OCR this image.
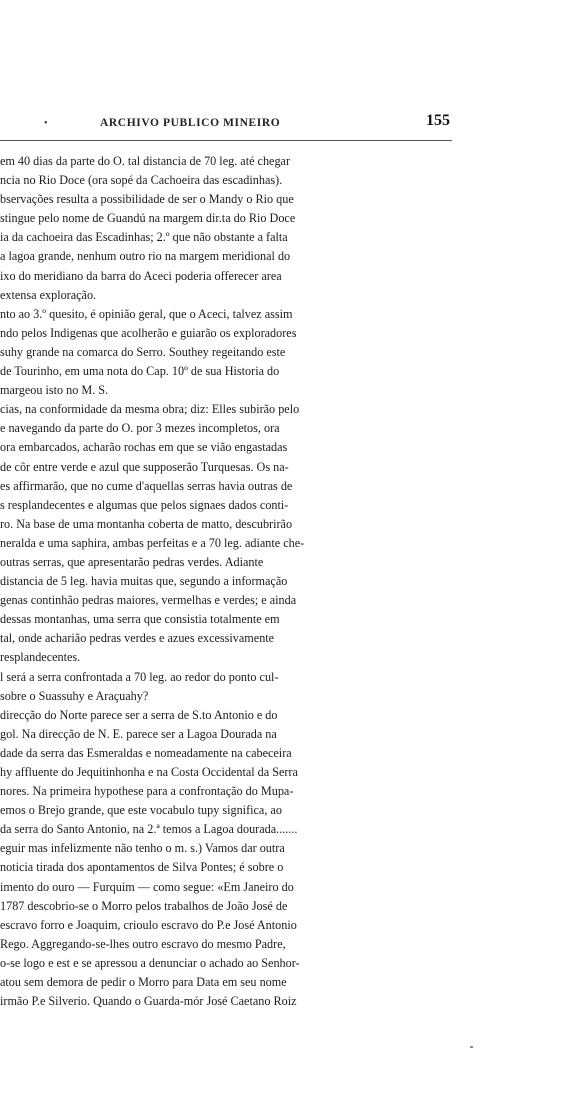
•	ARCHIVO PUBLICO MINEIRO	155
em 40 dias da parte do O. tal distancia de 70 leg. até chegar
ncia no Rio Doce (ora sopé da Cachoeira das escadinhas).
bservações resulta a possibilidade de ser o Mandy o Rio que
stingue pelo nome de Guandú na margem dir.ta do Rio Doce
ia da cachoeira das Escadinhas; 2.º que não obstante a falta
a lagoa grande, nenhum outro rio na margem meridional do
ixo do meridiano da barra do Aceci poderia offerecer area
extensa exploração.
nto ao 3.º quesito, é opinião geral, que o Aceci, talvez assim
ndo pelos Indigenas que acolherão e guiarão os exploradores
suhy grande na comarca do Serro. Southey regeitando este
de Tourinho, em uma nota do Cap. 10º de sua Historia do
margeou isto no M. S.
cias, na conformidade da mesma obra; diz: Elles subirão pelo
e navegando da parte do O. por 3 mezes incompletos, ora
ora embarcados, acharão rochas em que se vião engastadas
de côr entre verde e azul que supposerão Turquesas. Os na-
es affirmarão, que no cume d'aquellas serras havia outras de
s resplandecentes e algumas que pelos signaes dados conti-
ro. Na base de uma montanha coberta de matto, descubrirão
neralda e uma saphira, ambas perfeitas e a 70 leg. adiante che-
outras serras, que apresentarão pedras verdes. Adiante
distancia de 5 leg. havia muitas que, segundo a informação
genas continhão pedras maiores, vermelhas e verdes; e ainda
dessas montanhas, uma serra que consistia totalmente em
tal, onde acharião pedras verdes e azues excessivamente
resplandecentes.
l será a serra confrontada a 70 leg. ao redor do ponto cul-
sobre o Suassuhy e Araçuahy?
direcção do Norte parece ser a serra de S.to Antonio e do
gol. Na direcção de N. E. parece ser a Lagoa Dourada na
dade da serra das Esmeraldas e nomeadamente na cabeceira
hy affluente do Jequitinhonha e na Costa Occidental da Serra
nores. Na primeira hypothese para a confrontação do Mupa-
emos o Brejo grande, que este vocabulo tupy significa, ao
da serra do Santo Antonio, na 2.ª temos a Lagoa dourada.......
eguir mas infelizmente não tenho o m. s.) Vamos dar outra
noticia tirada dos apontamentos de Silva Pontes; é sobre o
imento do ouro — Furquim — como segue: «Em Janeiro do
1787 descobrio-se o Morro pelos trabalhos de João José de
escravo forro e Joaquim, crioulo escravo do P.e José Antonio
Rego. Aggregando-se-lhes outro escravo do mesmo Padre,
o-se logo e est e se apressou a denunciar o achado ao Senhor-
atou sem demora de pedir o Morro para Data em seu nome
irmão P.e Silverio. Quando o Guarda-mór José Caetano Roiz
